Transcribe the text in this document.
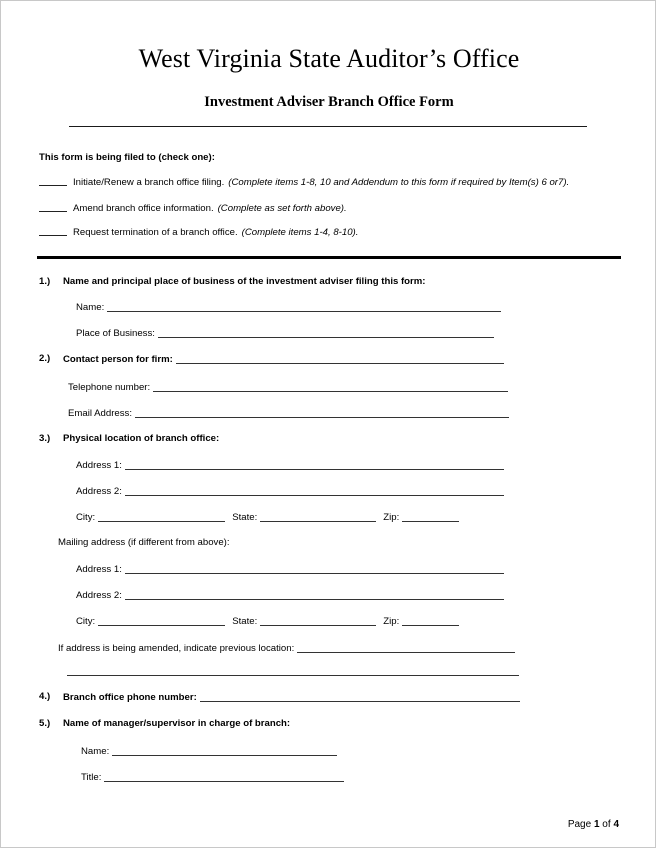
West Virginia State Auditor’s Office
Investment Adviser Branch Office Form
This form is being filed to (check one):
Initiate/Renew a branch office filing. (Complete items 1-8, 10 and Addendum to this form if required by Item(s) 6 or7).
Amend branch office information. (Complete as set forth above).
Request termination of a branch office. (Complete items 1-4, 8-10).
1.) Name and principal place of business of the investment adviser filing this form:
Name:
Place of Business:
2.) Contact person for firm:
Telephone number:
Email Address:
3.) Physical location of branch office:
Address 1:
Address 2:
City:	State:	Zip:
Mailing address (if different from above):
Address 1:
Address 2:
City:	State:	Zip:
If address is being amended, indicate previous location:
4.) Branch office phone number:
5.) Name of manager/supervisor in charge of branch:
Name:
Title:
Page 1 of 4
